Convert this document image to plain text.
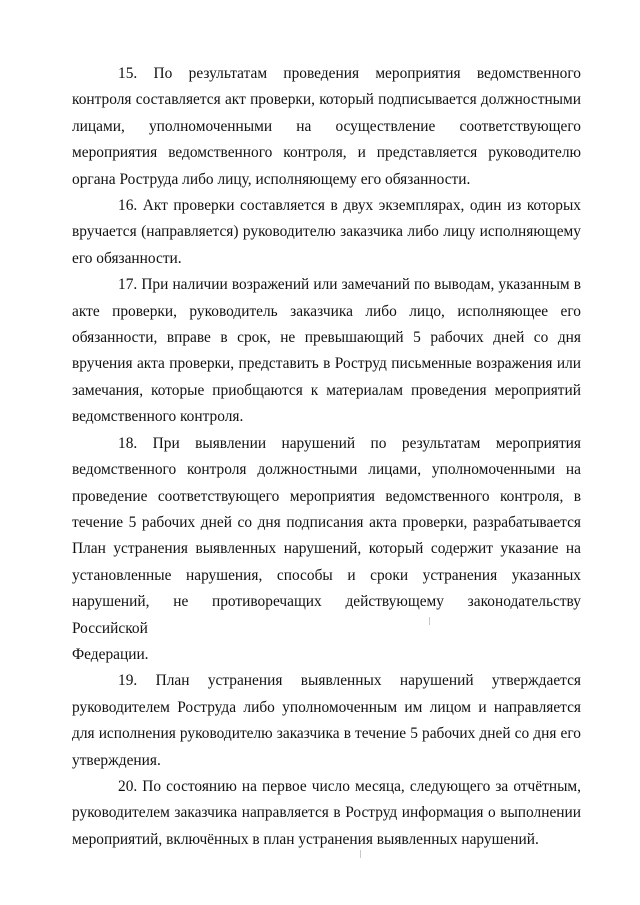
15. По результатам проведения мероприятия ведомственного
контроля составляется акт проверки, который подписывается должностными
лицами, уполномоченными на осуществление соответствующего
мероприятия ведомственного контроля, и представляется руководителю
органа Роструда либо лицу, исполняющему его обязанности.

16. Акт проверки составляется в двух экземплярах, один из которых
вручается (направляется) руководителю заказчика либо лицу исполняющему
его обязанности.

17. При наличии возражений или замечаний по выводам, указанным в
акте проверки, руководитель заказчика либо лицо, исполняющее его
обязанности, вправе в срок, не превышающий 5 рабочих дней со дня
вручения акта проверки, представить в Роструд письменные возражения или
замечания, которые приобщаются к материалам проведения мероприятий
ведомственного контроля.

18. При выявлении нарушений по результатам мероприятия
ведомственного контроля должностными лицами, уполномоченными на
проведение соответствующего мероприятия ведомственного контроля, в
течение 5 рабочих дней со дня подписания акта проверки, разрабатывается
План устранения выявленных нарушений, который содержит указание на
установленные нарушения, способы и сроки устранения указанных
нарушений, не противоречащих действующему законодательству Российской
Федерации.

19. План устранения выявленных нарушений утверждается
руководителем Роструда либо уполномоченным им лицом и направляется
для исполнения руководителю заказчика в течение 5 рабочих дней со дня его
утверждения.

20. По состоянию на первое число месяца, следующего за отчётным,
руководителем заказчика направляется в Роструд информация о выполнении
мероприятий, включённых в план устранения выявленных нарушений.
